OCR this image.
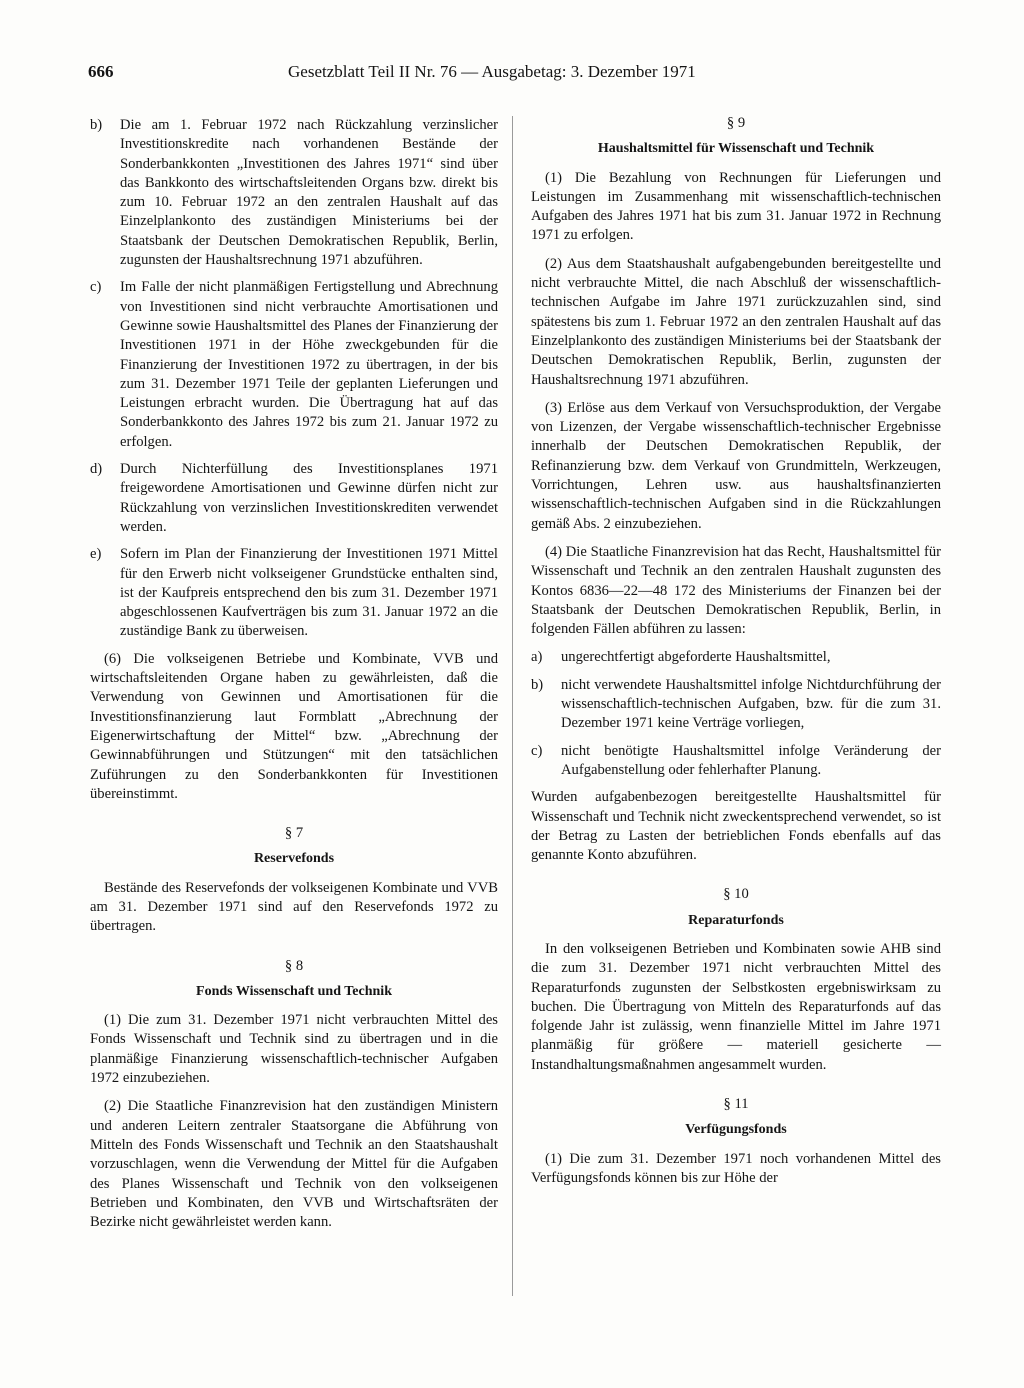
666	Gesetzblatt Teil II Nr. 76 — Ausgabetag: 3. Dezember 1971
b)	Die am 1. Februar 1972 nach Rückzahlung verzinslicher Investitionskredite nach vorhandenen Bestände der Sonderbankkonten „Investitionen des Jahres 1971“ sind über das Bankkonto des wirtschaftsleitenden Organs bzw. direkt bis zum 10. Februar 1972 an den zentralen Haushalt auf das Einzelplankonto des zuständigen Ministeriums bei der Staatsbank der Deutschen Demokratischen Republik, Berlin, zugunsten der Haushaltsrechnung 1971 abzuführen.
c)	Im Falle der nicht planmäßigen Fertigstellung und Abrechnung von Investitionen sind nicht verbrauchte Amortisationen und Gewinne sowie Haushaltsmittel des Planes der Finanzierung der Investitionen 1971 in der Höhe zweckgebunden für die Finanzierung der Investitionen 1972 zu übertragen, in der bis zum 31. Dezember 1971 Teile der geplanten Lieferungen und Leistungen erbracht wurden. Die Übertragung hat auf das Sonderbankkonto des Jahres 1972 bis zum 21. Januar 1972 zu erfolgen.
d)	Durch Nichterfüllung des Investitionsplanes 1971 freigewordene Amortisationen und Gewinne dürfen nicht zur Rückzahlung von verzinslichen Investitionskrediten verwendet werden.
e)	Sofern im Plan der Finanzierung der Investitionen 1971 Mittel für den Erwerb nicht volkseigener Grundstücke enthalten sind, ist der Kaufpreis entsprechend den bis zum 31. Dezember 1971 abgeschlossenen Kaufverträgen bis zum 31. Januar 1972 an die zuständige Bank zu überweisen.

(6) Die volkseigenen Betriebe und Kombinate, VVB und wirtschaftsleitenden Organe haben zu gewährleisten, daß die Verwendung von Gewinnen und Amortisationen für die Investitionsfinanzierung laut Formblatt „Abrechnung der Eigenerwirtschaftung der Mittel“ bzw. „Abrechnung der Gewinnabführungen und Stützungen“ mit den tatsächlichen Zuführungen zu den Sonderbankkonten für Investitionen übereinstimmt.

§ 7
Reservefonds

Bestände des Reservefonds der volkseigenen Kombinate und VVB am 31. Dezember 1971 sind auf den Reservefonds 1972 zu übertragen.

§ 8
Fonds Wissenschaft und Technik

(1) Die zum 31. Dezember 1971 nicht verbrauchten Mittel des Fonds Wissenschaft und Technik sind zu übertragen und in die planmäßige Finanzierung wissenschaftlich-technischer Aufgaben 1972 einzubeziehen.

(2) Die Staatliche Finanzrevision hat den zuständigen Ministern und anderen Leitern zentraler Staatsorgane die Abführung von Mitteln des Fonds Wissenschaft und Technik an den Staatshaushalt vorzuschlagen, wenn die Verwendung der Mittel für die Aufgaben des Planes Wissenschaft und Technik von den volkseigenen Betrieben und Kombinaten, den VVB und Wirtschaftsräten der Bezirke nicht gewährleistet werden kann.

§ 9
Haushaltsmittel für Wissenschaft und Technik

(1) Die Bezahlung von Rechnungen für Lieferungen und Leistungen im Zusammenhang mit wissenschaftlich-technischen Aufgaben des Jahres 1971 hat bis zum 31. Januar 1972 in Rechnung 1971 zu erfolgen.

(2) Aus dem Staatshaushalt aufgabengebunden bereitgestellte und nicht verbrauchte Mittel, die nach Abschluß der wissenschaftlich-technischen Aufgabe im Jahre 1971 zurückzuzahlen sind, sind spätestens bis zum 1. Februar 1972 an den zentralen Haushalt auf das Einzelplankonto des zuständigen Ministeriums bei der Staatsbank der Deutschen Demokratischen Republik, Berlin, zugunsten der Haushaltsrechnung 1971 abzuführen.

(3) Erlöse aus dem Verkauf von Versuchsproduktion, der Vergabe von Lizenzen, der Vergabe wissenschaftlich-technischer Ergebnisse innerhalb der Deutschen Demokratischen Republik, der Refinanzierung bzw. dem Verkauf von Grundmitteln, Werkzeugen, Vorrichtungen, Lehren usw. aus haushaltsfinanzierten wissenschaftlich-technischen Aufgaben sind in die Rückzahlungen gemäß Abs. 2 einzubeziehen.

(4) Die Staatliche Finanzrevision hat das Recht, Haushaltsmittel für Wissenschaft und Technik an den zentralen Haushalt zugunsten des Kontos 6836—22—48 172 des Ministeriums der Finanzen bei der Staatsbank der Deutschen Demokratischen Republik, Berlin, in folgenden Fällen abführen zu lassen:

a)	ungerechtfertigt abgeforderte Haushaltsmittel,
b)	nicht verwendete Haushaltsmittel infolge Nichtdurchführung der wissenschaftlich-technischen Aufgaben, bzw. für die zum 31. Dezember 1971 keine Verträge vorliegen,
c)	nicht benötigte Haushaltsmittel infolge Veränderung der Aufgabenstellung oder fehlerhafter Planung.

Wurden aufgabenbezogen bereitgestellte Haushaltsmittel für Wissenschaft und Technik nicht zweckentsprechend verwendet, so ist der Betrag zu Lasten der betrieblichen Fonds ebenfalls auf das genannte Konto abzuführen.

§ 10
Reparaturfonds

In den volkseigenen Betrieben und Kombinaten sowie AHB sind die zum 31. Dezember 1971 nicht verbrauchten Mittel des Reparaturfonds zugunsten der Selbstkosten ergebniswirksam zu buchen. Die Übertragung von Mitteln des Reparaturfonds auf das folgende Jahr ist zulässig, wenn finanzielle Mittel im Jahre 1971 planmäßig für größere — materiell gesicherte — Instandhaltungsmaßnahmen angesammelt wurden.

§ 11
Verfügungsfonds

(1) Die zum 31. Dezember 1971 noch vorhandenen Mittel des Verfügungsfonds können bis zur Höhe der
